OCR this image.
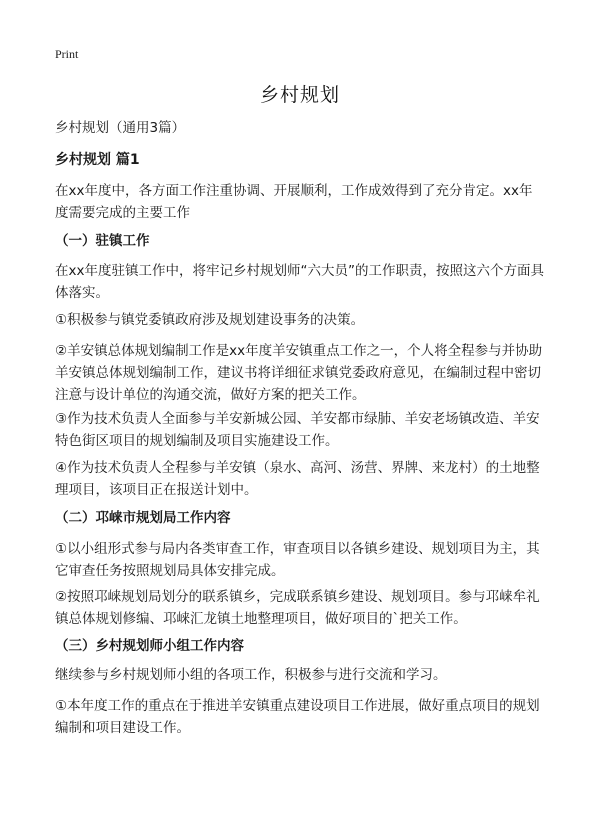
Print
乡村规划
乡村规划（通用3篇）
乡村规划 篇1
在xx年度中，各方面工作注重协调、开展顺利，工作成效得到了充分肯定。xx年度需要完成的主要工作
（一）驻镇工作
在xx年度驻镇工作中，将牢记乡村规划师“六大员”的工作职责，按照这六个方面具体落实。
①积极参与镇党委镇政府涉及规划建设事务的决策。
②羊安镇总体规划编制工作是xx年度羊安镇重点工作之一，个人将全程参与并协助羊安镇总体规划编制工作，建议书将详细征求镇党委政府意见，在编制过程中密切注意与设计单位的沟通交流，做好方案的把关工作。
③作为技术负责人全面参与羊安新城公园、羊安都市绿肺、羊安老场镇改造、羊安特色街区项目的规划编制及项目实施建设工作。
④作为技术负责人全程参与羊安镇（泉水、高河、汤营、界牌、来龙村）的土地整理项目，该项目正在报送计划中。
（二）邛崃市规划局工作内容
①以小组形式参与局内各类审查工作，审查项目以各镇乡建设、规划项目为主，其它审查任务按照规划局具体安排完成。
②按照邛崃规划局划分的联系镇乡，完成联系镇乡建设、规划项目。参与邛崃牟礼镇总体规划修编、邛崃汇龙镇土地整理项目，做好项目的`把关工作。
（三）乡村规划师小组工作内容
继续参与乡村规划师小组的各项工作，积极参与进行交流和学习。
①本年度工作的重点在于推进羊安镇重点建设项目工作进展，做好重点项目的规划编制和项目建设工作。
